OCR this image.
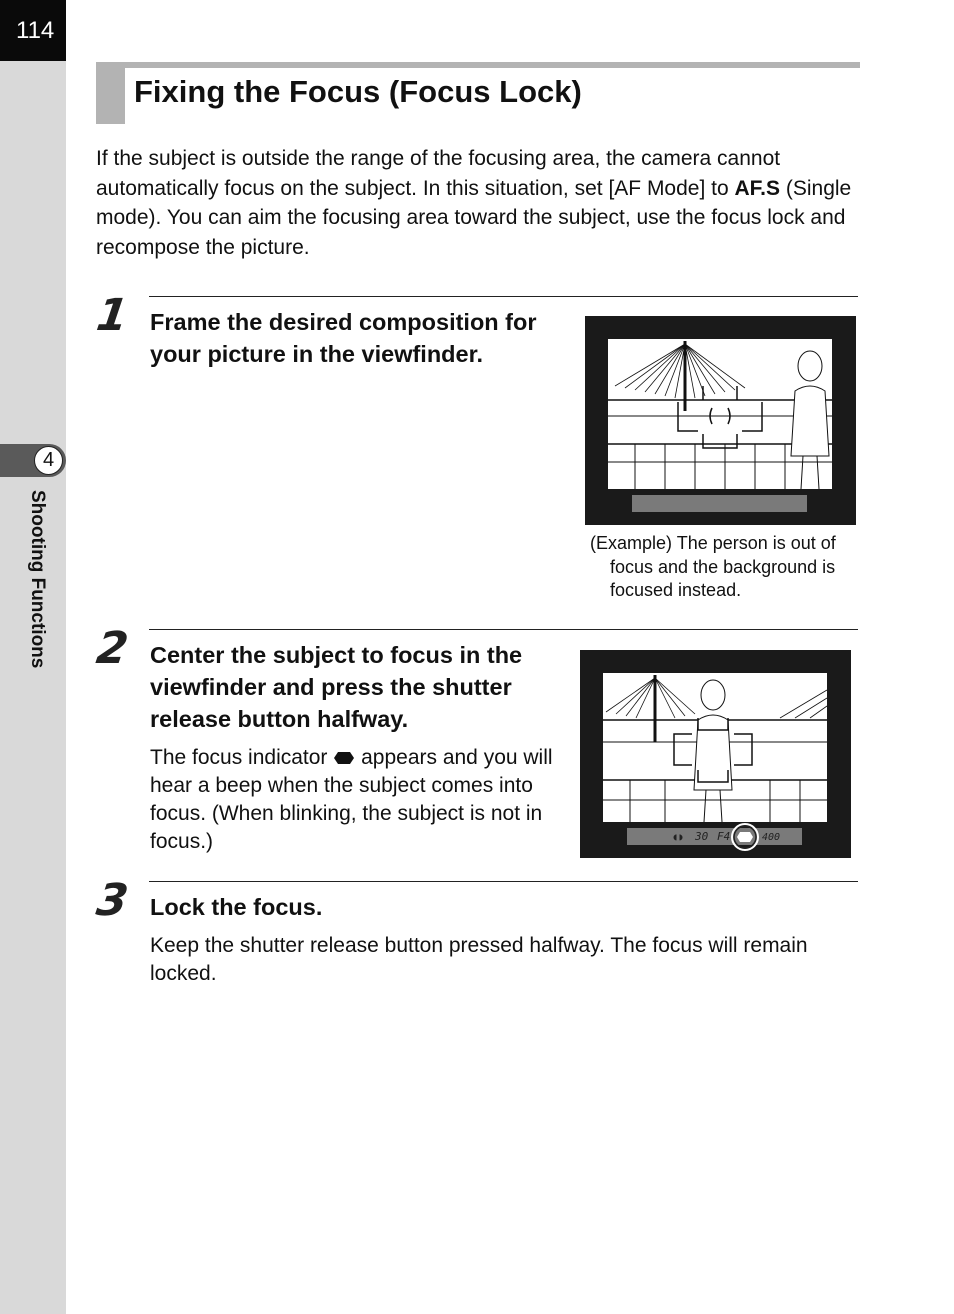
114
4
Shooting Functions
Fixing the Focus (Focus Lock)
If the subject is outside the range of the focusing area, the camera cannot automatically focus on the subject. In this situation, set [AF Mode] to AF.S (Single mode). You can aim the focusing area toward the subject, use the focus lock and recompose the picture.
1 Frame the desired composition for your picture in the viewfinder.
(Example) The person is out of
focus and the background is focused instead.
2 Center the subject to focus in the viewfinder and press the shutter release button halfway.
The focus indicator  appears and you will hear a beep when the subject comes into focus. (When blinking, the subject is not in focus.)	◖◗ 30 F4	400
3 Lock the focus.
Keep the shutter release button pressed halfway. The focus will remain locked.
